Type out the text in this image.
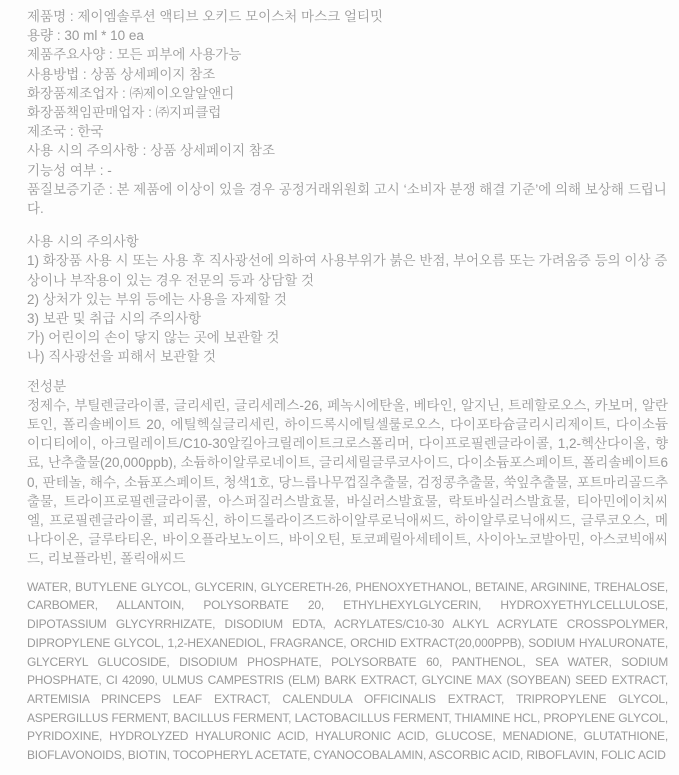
제품명 : 제이엠솔루션 액티브 오키드 모이스처 마스크 얼티밋
용량 : 30 ml * 10 ea
제품주요사양 : 모든 피부에 사용가능
사용방법 : 상품 상세페이지 참조
화장품제조업자 : ㈜제이오알알앤디
화장품책임판매업자 : ㈜지피클럽
제조국 : 한국
사용 시의 주의사항 : 상품 상세페이지 참조
기능성 여부 : -
품질보증기준 : 본 제품에 이상이 있을 경우 공정거래위원회 고시 ‘소비자 분쟁 해결 기준’에 의해 보상해 드립니다.
사용 시의 주의사항
1) 화장품 사용 시 또는 사용 후 직사광선에 의하여 사용부위가 붉은 반점, 부어오름 또는 가려움증 등의 이상 증상이나 부작용이 있는 경우 전문의 등과 상담할 것
2) 상처가 있는 부위 등에는 사용을 자제할 것
3) 보관 및 취급 시의 주의사항
가) 어린이의 손이 닿지 않는 곳에 보관할 것
나) 직사광선을 피해서 보관할 것
전성분
정제수, 부틸렌글라이콜, 글리세린, 글리세레스-26, 페녹시에탄올, 베타인, 알지닌, 트레할로오스, 카보머, 알란토인, 폴리솔베이트 20, 에틸헥실글리세린, 하이드록시에틸셀룰로오스, 다이포타슘글리시리제이트, 다이소듐이디티에이, 아크릴레이트/C10-30알킬아크릴레이트크로스폴리머, 다이프로필렌글라이콜, 1,2-헥산다이올, 향료, 난추출물(20,000ppb), 소듐하이알루로네이트, 글리세릴글루코사이드, 다이소듐포스페이트, 폴리솔베이트60, 판테놀, 해수, 소듐포스페이트, 청색1호, 당느릅나무껍질추출물, 검정콩추출물, 쑥잎추출물, 포트마리골드추출물, 트라이프로필렌글라이콜, 아스퍼질러스발효물, 바실러스발효물, 락토바실러스발효물, 티아민에이치씨엘, 프로필렌글라이콜, 피리독신, 하이드롤라이즈드하이알루로닉애씨드, 하이알루로닉애씨드, 글루코오스, 메나다이온, 글루타티온, 바이오플라보노이드, 바이오틴, 토코페릴아세테이트, 사이아노코발아민, 아스코빅애씨드, 리보플라빈, 폴릭애씨드
WATER, BUTYLENE GLYCOL, GLYCERIN, GLYCERETH-26, PHENOXYETHANOL, BETAINE, ARGININE, TREHALOSE, CARBOMER, ALLANTOIN, POLYSORBATE 20, ETHYLHEXYLGLYCERIN, HYDROXYETHYLCELLULOSE, DIPOTASSIUM GLYCYRRHIZATE, DISODIUM EDTA, ACRYLATES/C10-30 ALKYL ACRYLATE CROSSPOLYMER, DIPROPYLENE GLYCOL, 1,2-HEXANEDIOL, FRAGRANCE, ORCHID EXTRACT(20,000PPB), SODIUM HYALURONATE, GLYCERYL GLUCOSIDE, DISODIUM PHOSPHATE, POLYSORBATE 60, PANTHENOL, SEA WATER, SODIUM PHOSPHATE, CI 42090, ULMUS CAMPESTRIS (ELM) BARK EXTRACT, GLYCINE MAX (SOYBEAN) SEED EXTRACT, ARTEMISIA PRINCEPS LEAF EXTRACT, CALENDULA OFFICINALIS EXTRACT, TRIPROPYLENE GLYCOL, ASPERGILLUS FERMENT, BACILLUS FERMENT, LACTOBACILLUS FERMENT, THIAMINE HCL, PROPYLENE GLYCOL, PYRIDOXINE, HYDROLYZED HYALURONIC ACID, HYALURONIC ACID, GLUCOSE, MENADIONE, GLUTATHIONE, BIOFLAVONOIDS, BIOTIN, TOCOPHERYL ACETATE, CYANOCOBALAMIN, ASCORBIC ACID, RIBOFLAVIN, FOLIC ACID
